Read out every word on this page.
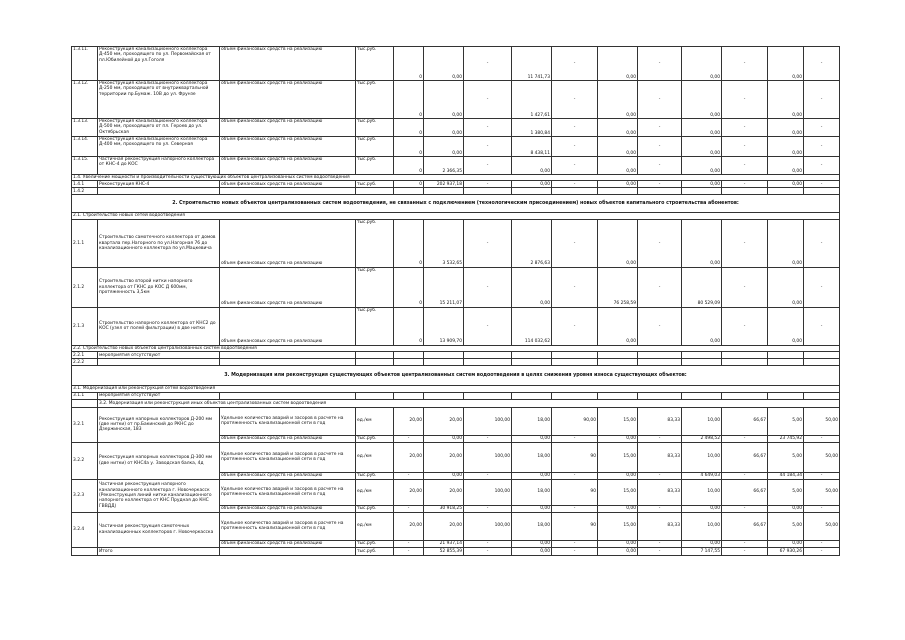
1.3.11.	Реконструкция канализационного коллектора Д-450 мм, проходящего по ул. Первомайская от пл.Юбилейной до ул.Гоголя	объем финансовых средств на реализацию	тыс.руб.	0	0,00	-	11 741,73	-	0,00	-	0,00	-	0,00	-
1.3.12.	Реконструкция канализационного коллектора Д-250 мм, проходящего от внутриквартальной территории пр.Бумаж. 10В до ул. Фрунзе	объем финансовых средств на реализацию	тыс.руб.	0	0,00	-	1 427,61	-	0,00	-	0,00	-	0,00	-
1.3.13.	Реконструкция канализационного коллектора Д-500 мм, проходящего от пл. Героев до ул. Октябрьская	объем финансовых средств на реализацию	тыс.руб.	0	0,00	-	1 380,84	-	0,00	-	0,00	-	0,00	-
1.3.14.	Реконструкция канализационного коллектора Д-400 мм, проходящего по ул. Северная	объем финансовых средств на реализацию	тыс.руб.	0	0,00	-	8 438,11	-	0,00	-	0,00	-	0,00	-
1.3.15.	Частичная реконструкция напорного коллектора от КНС-4 до КОС	объем финансовых средств на реализацию	тыс.руб.	0	2 366,35	-	0,00	-	0,00	-	0,00	-	0,00	-
1.4. Увеличение мощности и производительности существующих объектов централизованных систем водоотведения														
1.4.1	Реконструкция КНС-4	объем финансовых средств на реализацию	тыс.руб.	0	202 937,18	-	0,00	-	0,00	-	0,00	-	0,00	-
1.4.2														
2. Строительство новых объектов централизованных систем водоотведения, не связанных с подключением (технологическим присоединением) новых объектов капитального строительства абонентов:														
2.1. Строительство новых сетей водоотведения														
2.1.1	Строительство самотечного коллектора от домов квартала пер.Нагорного по ул.Нагорная 76 до канализационного коллектора по ул.Мацкевича	объем финансовых средств на реализацию	тыс.руб.	0	3 532,65	-	2 876,63	-	0,00	-	0,00	-	0,00	-
2.1.2	Строительство второй нитки напорного коллектора от ГКНС до КОС Д 600мм, протяженность 3,5км	объем финансовых средств на реализацию	тыс.руб.	0	15 211,07	-	0,00	-	76 258,59	-	80 529,09	-	0,00	-
2.1.3	Строительство напорного коллектора от КНС2 до КОС (узел от полей фильтрации) в две нитки	объем финансовых средств на реализацию	тыс.руб.	0	13 909,70	-	114 032,62	-	0,00	-	0,00	-	0,00	-
2.2. Строительство новых объектов централизованных систем водоотведения														
2.2.1	мероприятия отсутствуют													
2.2.2														
3. Модернизация или реконструкция существующих объектов централизованных систем водоотведения в целях снижения уровня износа существующих объектов:														
3.1. Модернизация или реконструкция сетей водоотведения														
3.1.1	мероприятия отсутствуют													
	3.2. Модернизация или реконструкция иных объектов централизованных систем водоотведения													
3.2.1	Реконструкция напорных коллекторов Д-200 мм (две нитки) от пр.Бакинский до РКНС до Дзержинская, 183	Удельное количество аварий и засоров в расчете на протяженность канализационной сети в год	ед./км	20,00	20,00	100,00	18,00	90,00	15,00	83,33	10,00	66,67	5,00	50,00
		объем финансовых средств на реализацию	тыс.руб.	-	0,00	-	0,00	-	0,00	-	2 498,52	-	23 745,92	-
3.2.2	Реконструкция напорных коллекторов Д-300 мм (две нитки) от КНС4а у. Заводская балка, 4д	Удельное количество аварий и засоров в расчете на протяженность канализационной сети в год	ед./км	20,00	20,00	100,00	18,00	90	15,00	83,33	10,00	66,67	5,00	50,00
		объем финансовых средств на реализацию	тыс.руб.	-	0,00	-	0,00	-	0,00	-	4 649,03	-	44 184,34	-
3.2.3	Частичная реконструкция напорного канализационного коллектора г. Новочеркасск (Реконструкция линий нитки канализационного напорного коллектора от КНС Прудная до КНС ГВВДД)	Удельное количество аварий и засоров в расчете на протяженность канализационной сети в год	ед./км	20,00	20,00	100,00	18,00	90	15,00	83,33	10,00	66,67	5,00	50,00
		объем финансовых средств на реализацию	тыс.руб.	-	30 918,25	-	0,00	-	0,00	-	0,00	-	0,00	-
3.2.4	Частичная реконструкция самотечных канализационных коллекторов г. Новочеркасска	Удельное количество аварий и засоров в расчете на протяженность канализационной сети в год	ед./км	20,00	20,00	100,00	18,00	90	15,00	83,33	10,00	66,67	5,00	50,00
		объем финансовых средств на реализацию	тыс.руб.	-	21 937,14	-	0,00	-	0,00	-	0,00	-	0,00	-
	Итого		тыс.руб.	-	52 855,39	-	0,00	-	0,00	-	7 147,55	-	67 930,26	-
